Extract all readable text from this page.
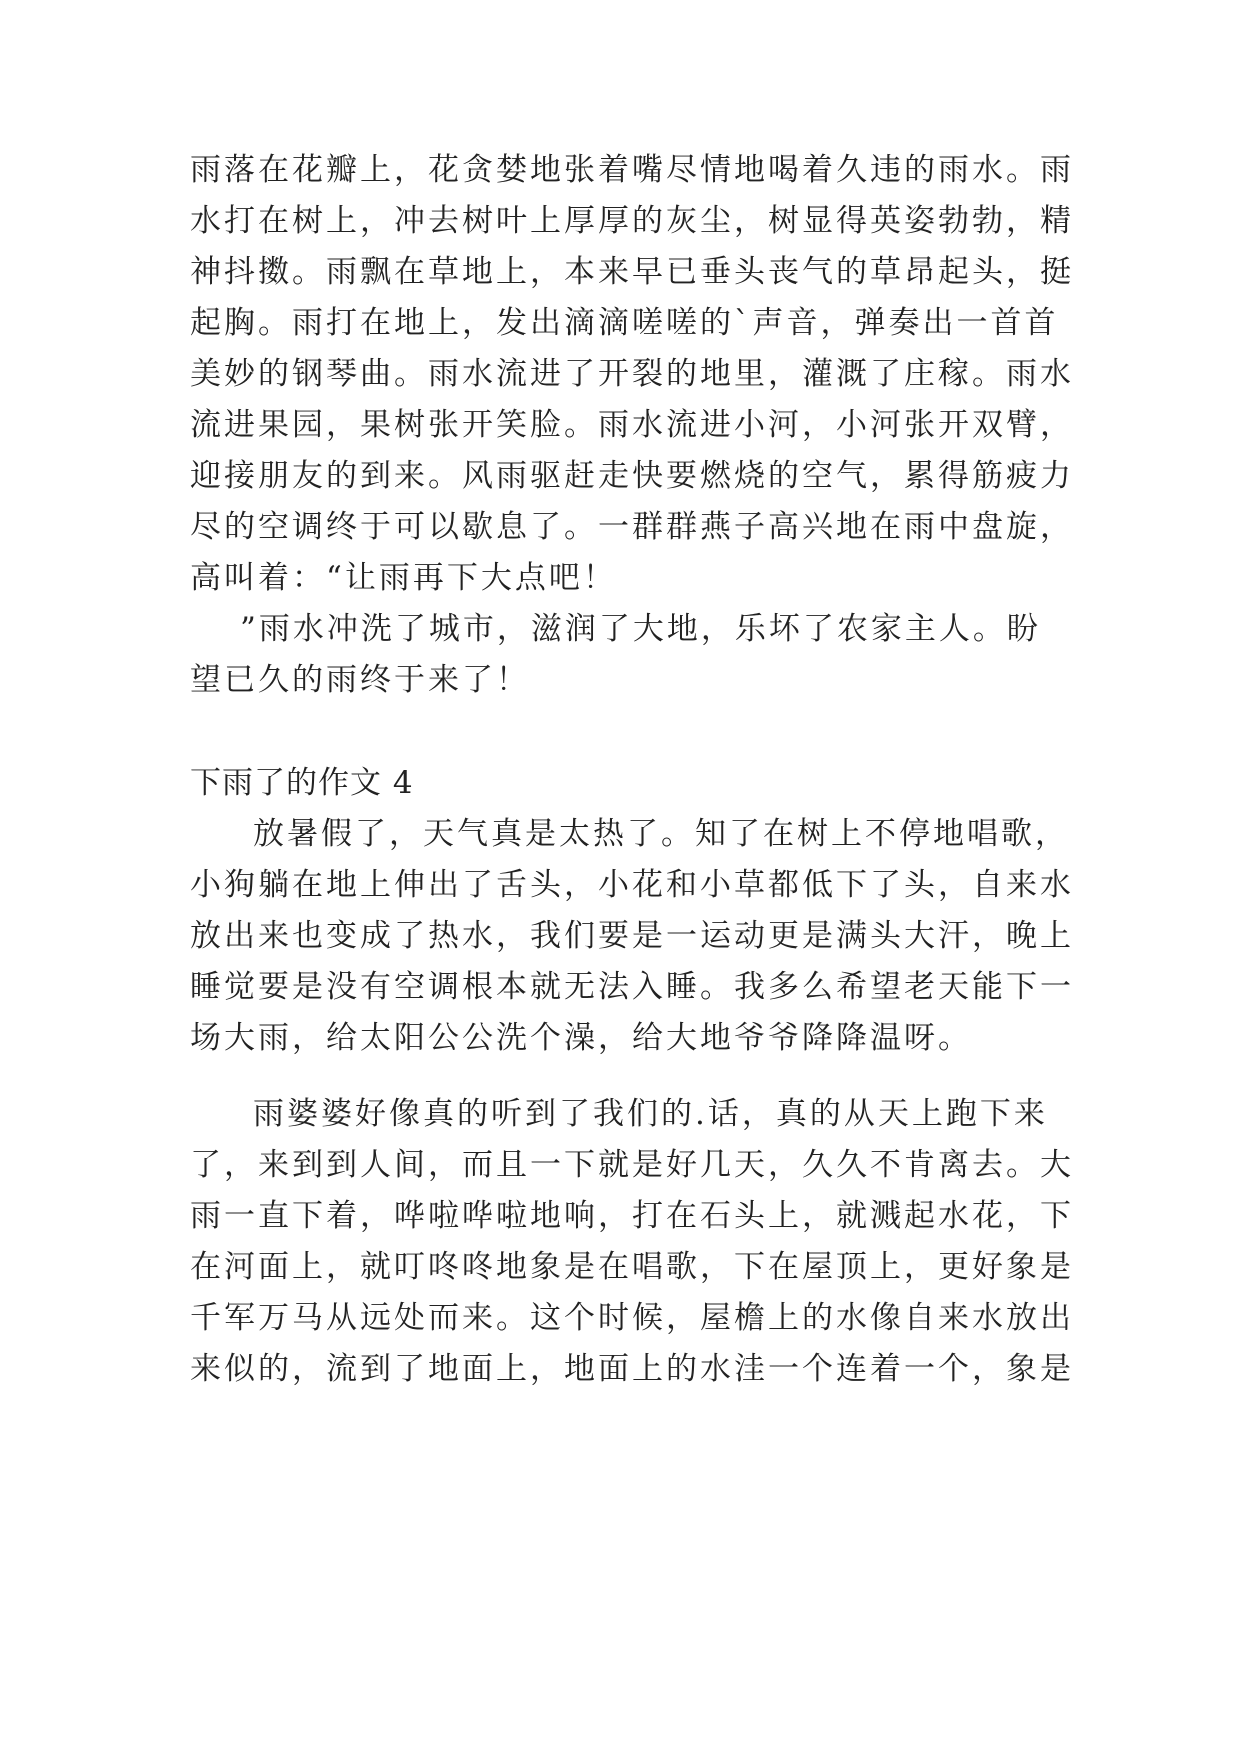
雨落在花瓣上，花贪婪地张着嘴尽情地喝着久违的雨水。雨
水打在树上，冲去树叶上厚厚的灰尘，树显得英姿勃勃，精
神抖擞。雨飘在草地上，本来早已垂头丧气的草昂起头，挺
起胸。雨打在地上，发出滴滴嗟嗟的`声音，弹奏出一首首
美妙的钢琴曲。雨水流进了开裂的地里，灌溉了庄稼。雨水
流进果园，果树张开笑脸。雨水流进小河，小河张开双臂，
迎接朋友的到来。风雨驱赶走快要燃烧的空气，累得筋疲力
尽的空调终于可以歇息了。一群群燕子高兴地在雨中盘旋，
高叫着：“让雨再下大点吧！
”雨水冲洗了城市，滋润了大地，乐坏了农家主人。盼
望已久的雨终于来了！
下雨了的作文 4
放暑假了，天气真是太热了。知了在树上不停地唱歌，
小狗躺在地上伸出了舌头，小花和小草都低下了头，自来水
放出来也变成了热水，我们要是一运动更是满头大汗，晚上
睡觉要是没有空调根本就无法入睡。我多么希望老天能下一
场大雨，给太阳公公洗个澡，给大地爷爷降降温呀。
雨婆婆好像真的听到了我们的.话，真的从天上跑下来
了，来到到人间，而且一下就是好几天，久久不肯离去。大
雨一直下着，哗啦哗啦地响，打在石头上，就溅起水花，下
在河面上，就叮咚咚地象是在唱歌，下在屋顶上，更好象是
千军万马从远处而来。这个时候，屋檐上的水像自来水放出
来似的，流到了地面上，地面上的水洼一个连着一个，象是
